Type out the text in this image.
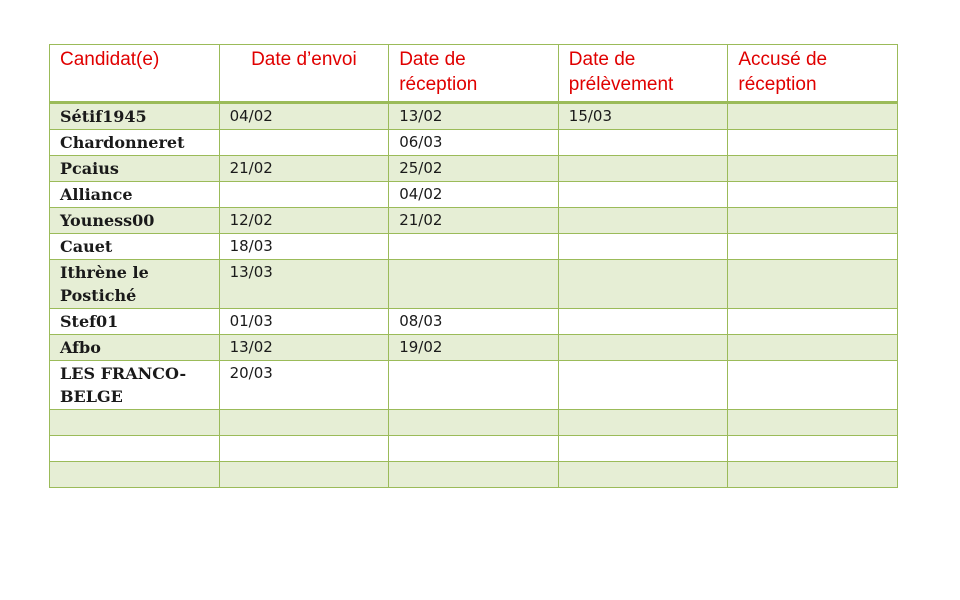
Candidat(e)	Date d’envoi	Date de réception	Date de prélèvement	Accusé de réception
Sétif1945	04/02	13/02	15/03	
Chardonneret		06/03		
Pcaius	21/02	25/02		
Alliance		04/02		
Youness00	12/02	21/02		
Cauet	18/03			
Ithrène le Postiché	13/03			
Stef01	01/03	08/03		
Afbo	13/02	19/02		
LES FRANCO-BELGE	20/03			
